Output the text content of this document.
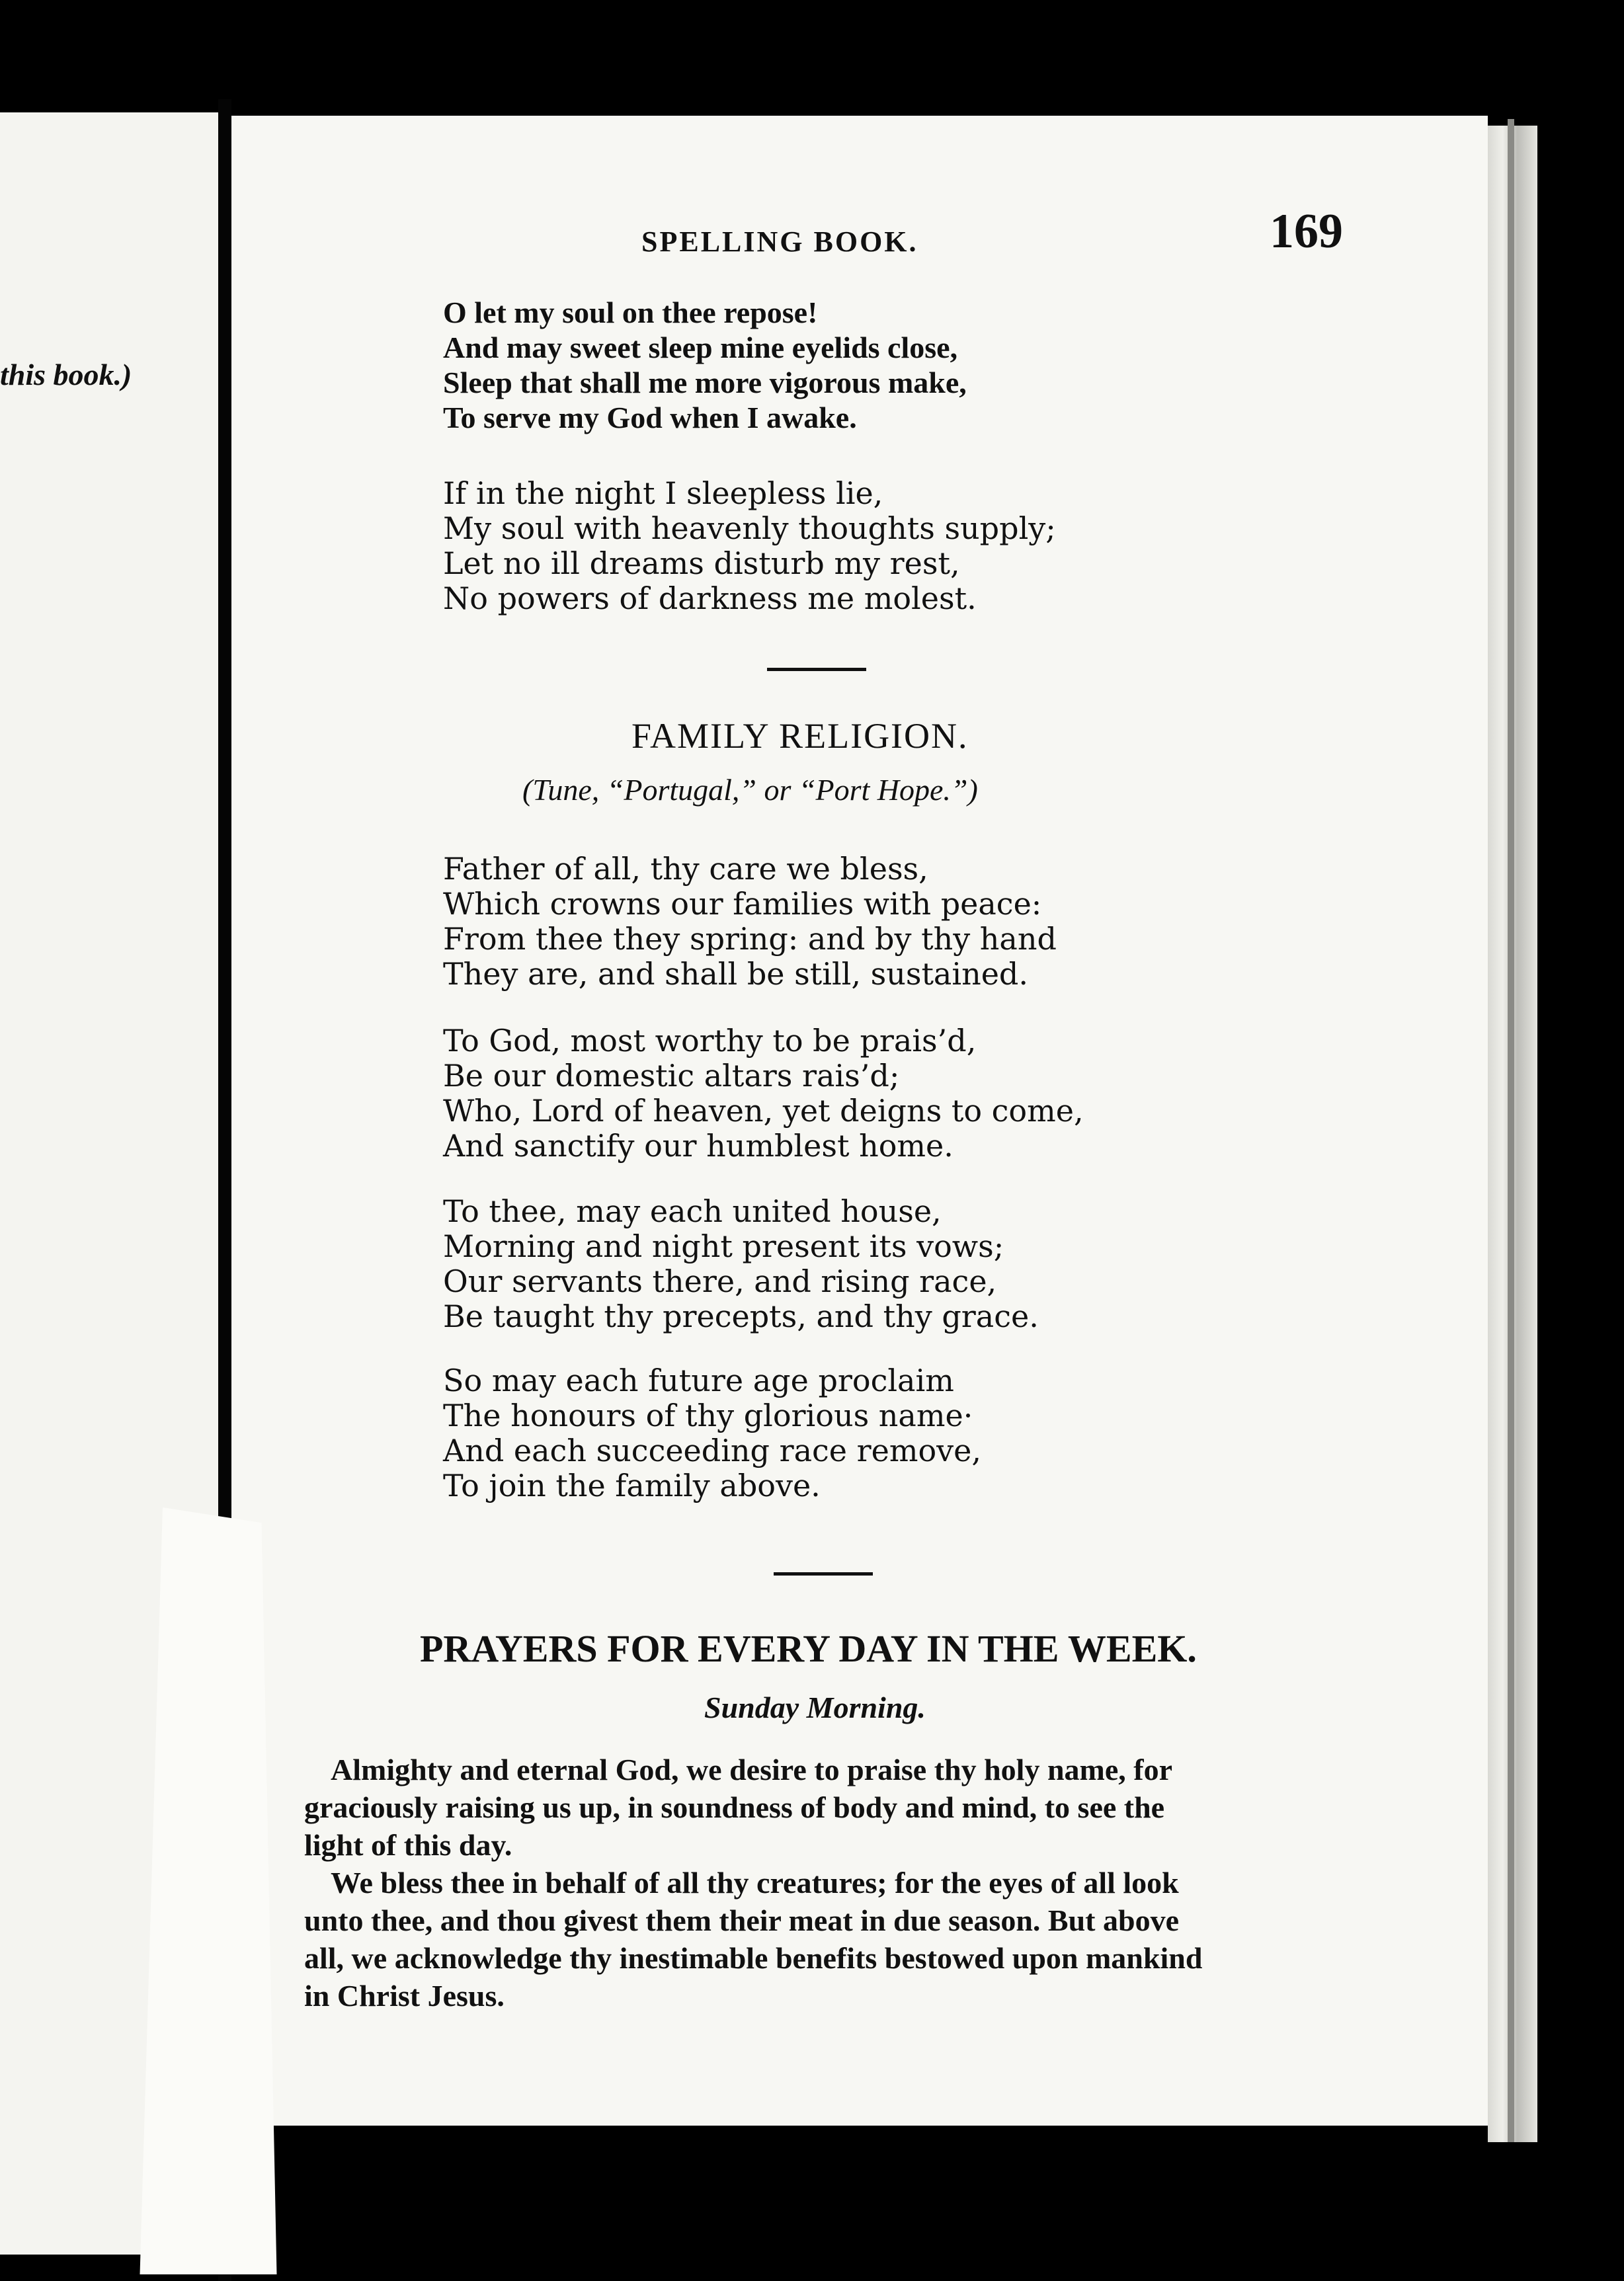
this book.)
SPELLING BOOK.	169
O let my soul on thee repose!
And may sweet sleep mine eyelids close,
Sleep that shall me more vigorous make,
To serve my God when I awake.
If in the night I sleepless lie,
My soul with heavenly thoughts supply;
Let no ill dreams disturb my rest,
No powers of darkness me molest.
FAMILY RELIGION.
(Tune, “Portugal,” or “Port Hope.”)
Father of all, thy care we bless,
Which crowns our families with peace:
From thee they spring: and by thy hand
They are, and shall be still, sustained.
To God, most worthy to be prais’d,
Be our domestic altars rais’d;
Who, Lord of heaven, yet deigns to come,
And sanctify our humblest home.
To thee, may each united house,
Morning and night present its vows;
Our servants there, and rising race,
Be taught thy precepts, and thy grace.
So may each future age proclaim
The honours of thy glorious name·
And each succeeding race remove,
To join the family above.
PRAYERS FOR EVERY DAY IN THE WEEK.
Sunday Morning.
Almighty and eternal God, we desire to praise thy holy name, for
graciously raising us up, in soundness of body and mind, to see the
light of this day.
We bless thee in behalf of all thy creatures; for the eyes of all look
unto thee, and thou givest them their meat in due season. But above
all, we acknowledge thy inestimable benefits bestowed upon mankind
in Christ Jesus.
